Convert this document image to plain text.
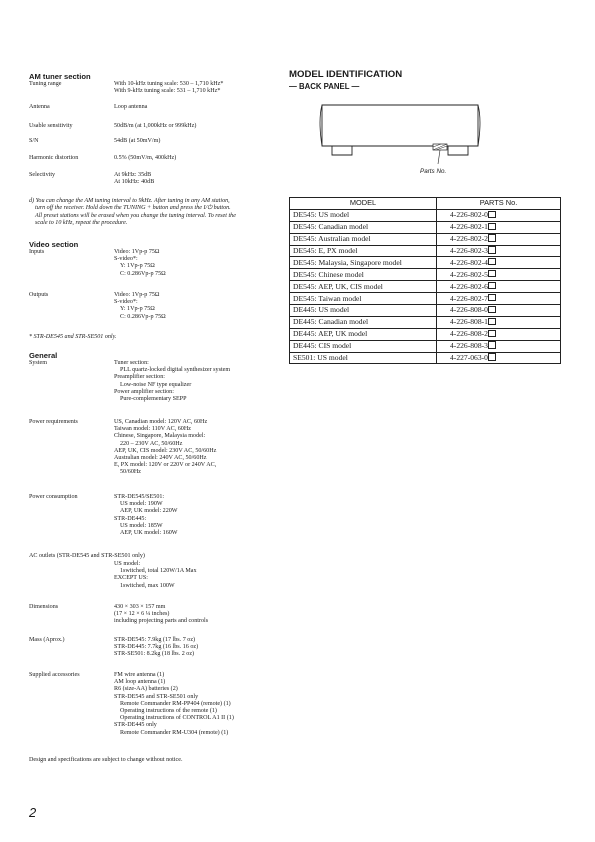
AM tuner section
Tuning range	With 10-kHz tuning scale: 530 – 1,710 kHz*
With 9-kHz tuning scale: 531 – 1,710 kHz*
Antenna	Loop antenna
Usable sensitivity	50dB/m (at 1,000kHz or 999kHz)
S/N	54dB (at 50mV/m)
Harmonic distortion	0.5% (50mV/m, 400kHz)
Selectivity	At 9kHz: 35dB
At 10kHz: 40dB
d) You can change the AM tuning interval to 9kHz. After tuning in any AM station,
turn off the receiver. Hold down the TUNING + button and press the I/⏻ button.
All preset stations will be erased when you change the tuning interval. To reset the
scale to 10 kHz, repeat the procedure.
Video section
Inputs	Video: 1Vp-p 75Ω
S-video*:
Y: 1Vp-p 75Ω
C: 0.286Vp-p 75Ω
Outputs	Video: 1Vp-p 75Ω
S-video*:
Y: 1Vp-p 75Ω
C: 0.286Vp-p 75Ω
* STR-DE545 and STR-SE501 only.
General
System	Tuner section:
PLL quartz-locked digital synthesizer system
Preamplifier section:
Low-noise NF type equalizer
Power amplifier section:
Pure-complementary SEPP
Power requirements	US, Canadian model: 120V AC, 60Hz
Taiwan model: 110V AC, 60Hz
Chinese, Singapore, Malaysia model:
220 – 230V AC, 50/60Hz
AEP, UK, CIS model: 230V AC, 50/60Hz
Australian model: 240V AC, 50/60Hz
E, PX model: 120V or 220V or 240V AC,
50/60Hz
Power consumption	STR-DE545/SE501:
US model: 190W
AEP, UK model: 220W
STR-DE445:
US model: 185W
AEP, UK model: 160W
AC outlets (STR-DE545 and STR-SE501 only)
US model:
1switched, total 120W/1A Max
EXCEPT US:
1switched, max 100W
Dimensions	430 × 303 × 157 mm
(17 × 12 × 6 ¼ inches)
including projecting parts and controls
Mass (Aprox.)	STR-DE545: 7.9kg (17 lbs. 7 oz)
STR-DE445: 7.7kg (16 lbs. 16 oz)
STR-SE501: 8.2kg (18 lbs. 2 oz)
Supplied accessories	FM wire antenna (1)
AM loop antenna (1)
R6 (size-AA) batteries (2)
STR-DE545 and STR-SE501 only
Remote Commander RM-PP404 (remote) (1)
Operating instructions of the remote (1)
Operating instructions of CONTROL A1 II (1)
STR-DE445 only
Remote Commander RM-U304 (remote) (1)
Design and specifications are subject to change without notice.
2
MODEL IDENTIFICATION
— BACK PANEL —
Parts No.
MODEL	PARTS No.
DE545: US model	4-226-802-0
DE545: Canadian model	4-226-802-1
DE545: Australian model	4-226-802-2
DE545: E, PX model	4-226-802-3
DE545: Malaysia, Singapore model	4-226-802-4
DE545: Chinese model	4-226-802-5
DE545: AEP, UK, CIS model	4-226-802-6
DE545: Taiwan model	4-226-802-7
DE445: US model	4-226-808-0
DE445: Canadian model	4-226-808-1
DE445: AEP, UK model	4-226-808-2
DE445: CIS model	4-226-808-3
SE501: US model	4-227-063-0
